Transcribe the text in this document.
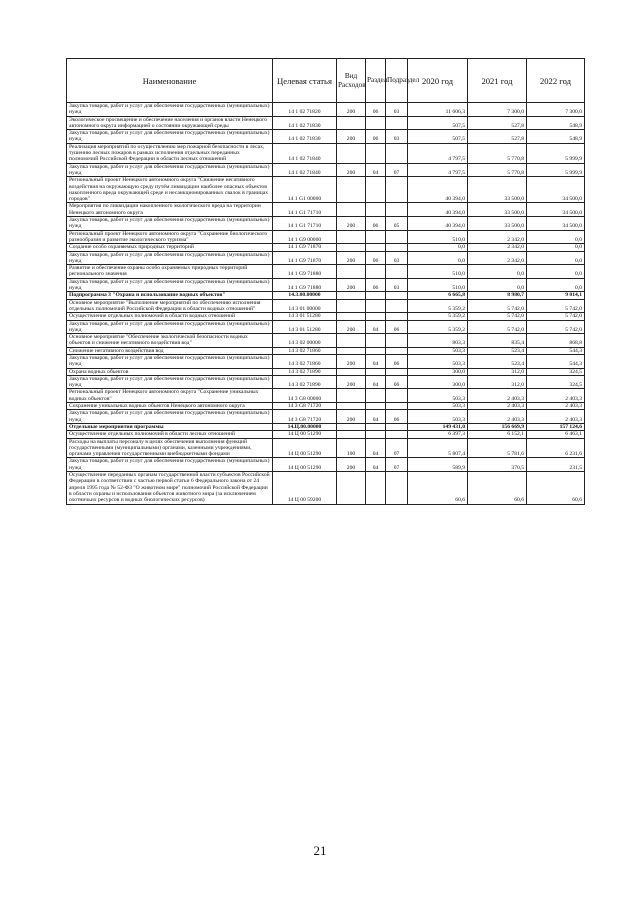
Наименование	Целевая статья	Вид Расходов	Раздел	Подраздел	2020 год	2021 год	2022 год
Закупка товаров, работ и услуг для обеспечения государственных (муниципальных) нужд	14 1 02 71820	200	06	03	11 606,3	7 300,0	7 300,0
Экологическое просвещение и обеспечение населения и органов власти Ненецкого автономного округа информацией о состоянии окружающей среды	14 1 02 71830				507,5	527,8	548,9
Закупка товаров, работ и услуг для обеспечения государственных (муниципальных) нужд	14 1 02 71830	200	06	03	507,5	527,8	548,9
Реализация мероприятий по осуществлению мер пожарной безопасности в лесах, тушению лесных пожаров в рамках исполнения отдельных переданных полномочий Российской Федерации в области лесных отношений	14 1 02 71840				4 797,5	5 770,8	5 999,9
Закупка товаров, работ и услуг для обеспечения государственных (муниципальных) нужд	14 1 02 71840	200	04	07	4 797,5	5 770,8	5 999,9
Региональный проект Ненецкого автономного округа "Снижение негативного воздействия на окружающую среду путём ликвидации наиболее опасных объектов накопленного вреда окружающей среде и несанкционированных свалок в границах городов"	14 1 G1 00000				40 394,0	33 500,0	34 500,0
Мероприятия по ликвидации накопленного экологического вреда на территории Ненецкого автономного округа	14 1 G1 71710				40 394,0	33 500,0	34 500,0
Закупка товаров, работ и услуг для обеспечения государственных (муниципальных) нужд	14 1 G1 71710	200	06	05	40 394,0	33 500,0	34 500,0
Региональный проект Ненецкого автономного округа "Сохранение биологического разнообразия и развитие экологического туризма"	14 1 G9 00000				510,0	2 342,0	0,0
Создание особо охраняемых природных территорий	14 1 G9 71870				0,0	2 342,0	0,0
Закупка товаров, работ и услуг для обеспечения государственных (муниципальных) нужд	14 1 G9 71870	200	06	03	0,0	2 342,0	0,0
Развитие и обеспечение охраны особо охраняемых природных территорий регионального значения	14 1 G9 71880				510,0	0,0	0,0
Закупка товаров, работ и услуг для обеспечения государственных (муниципальных) нужд	14 1 G9 71880	200	06	03	510,0	0,0	0,0
Подпрограмма 3 "Охрана и использование водных объектов"	14.3.00.00000				6 665,8	8 980,7	9 014,1
Основное мероприятие "Выполнение мероприятий по обеспечению исполнения отдельных полномочий Российской Федерации в области водных отношений"	14 3 01 00000				5 359,2	5 742,0	5 742,0
Осуществление отдельных полномочий в области водных отношений	14 3 01 51280				5 359,2	5 742,0	5 742,0
Закупка товаров, работ и услуг для обеспечения государственных (муниципальных) нужд	14 3 01 51280	200	04	06	5 359,2	5 742,0	5 742,0
Основное мероприятие "Обеспечение экологической безопасности водных объектов и снижение негативного воздействия вод"	14 3 02 00000				803,3	835,4	868,8
Снижение негативного воздействия вод	14 3 02 71860				503,3	523,4	544,3
Закупка товаров, работ и услуг для обеспечения государственных (муниципальных) нужд	14 3 02 71860	200	04	06	503,3	523,4	544,3
Охрана водных объектов	14 3 02 71890				300,0	312,0	324,5
Закупка товаров, работ и услуг для обеспечения государственных (муниципальных) нужд	14 3 02 71890	200	04	06	300,0	312,0	324,5
Региональный проект Ненецкого автономного округа "Сохранение уникальных водных объектов"	14 3 G8 00000				503,3	2 403,3	2 403,3
Сохранение уникальных водных объектов Ненецкого автономного округа	14 3 G8 71720				503,3	2 403,3	2 403,3
Закупка товаров, работ и услуг для обеспечения государственных (муниципальных) нужд	14 3 G8 71720	200	04	06	503,3	2 403,3	2 403,3
Отдельные мероприятия программы	14.Ц.00.00000				149 431,0	156 669,9	157 124,6
Осуществление отдельных полномочий в области лесных отношений	14 Ц 00 51290				6 397,3	6 152,1	6 463,1
Расходы на выплаты персоналу в целях обеспечения выполнения функций государственными (муниципальными) органами, казенными учреждениями, органами управления государственными внебюджетными фондами	14 Ц 00 51290	100	04	07	5 807,4	5 781,6	6 231,6
Закупка товаров, работ и услуг для обеспечения государственных (муниципальных) нужд	14 Ц 00 51290	200	04	07	589,9	370,5	231,5
Осуществление переданных органам государственной власти субъектов Российской Федерации в соответствии с частью первой статьи 6 Федерального закона от 24 апреля 1995 года № 52-ФЗ "О животном мире" полномочий Российской Федерации в области охраны и использования объектов животного мира (за исключением охотничьих ресурсов и водных биологических ресурсов)	14 Ц 00 59200				60,6	60,6	60,6
21
